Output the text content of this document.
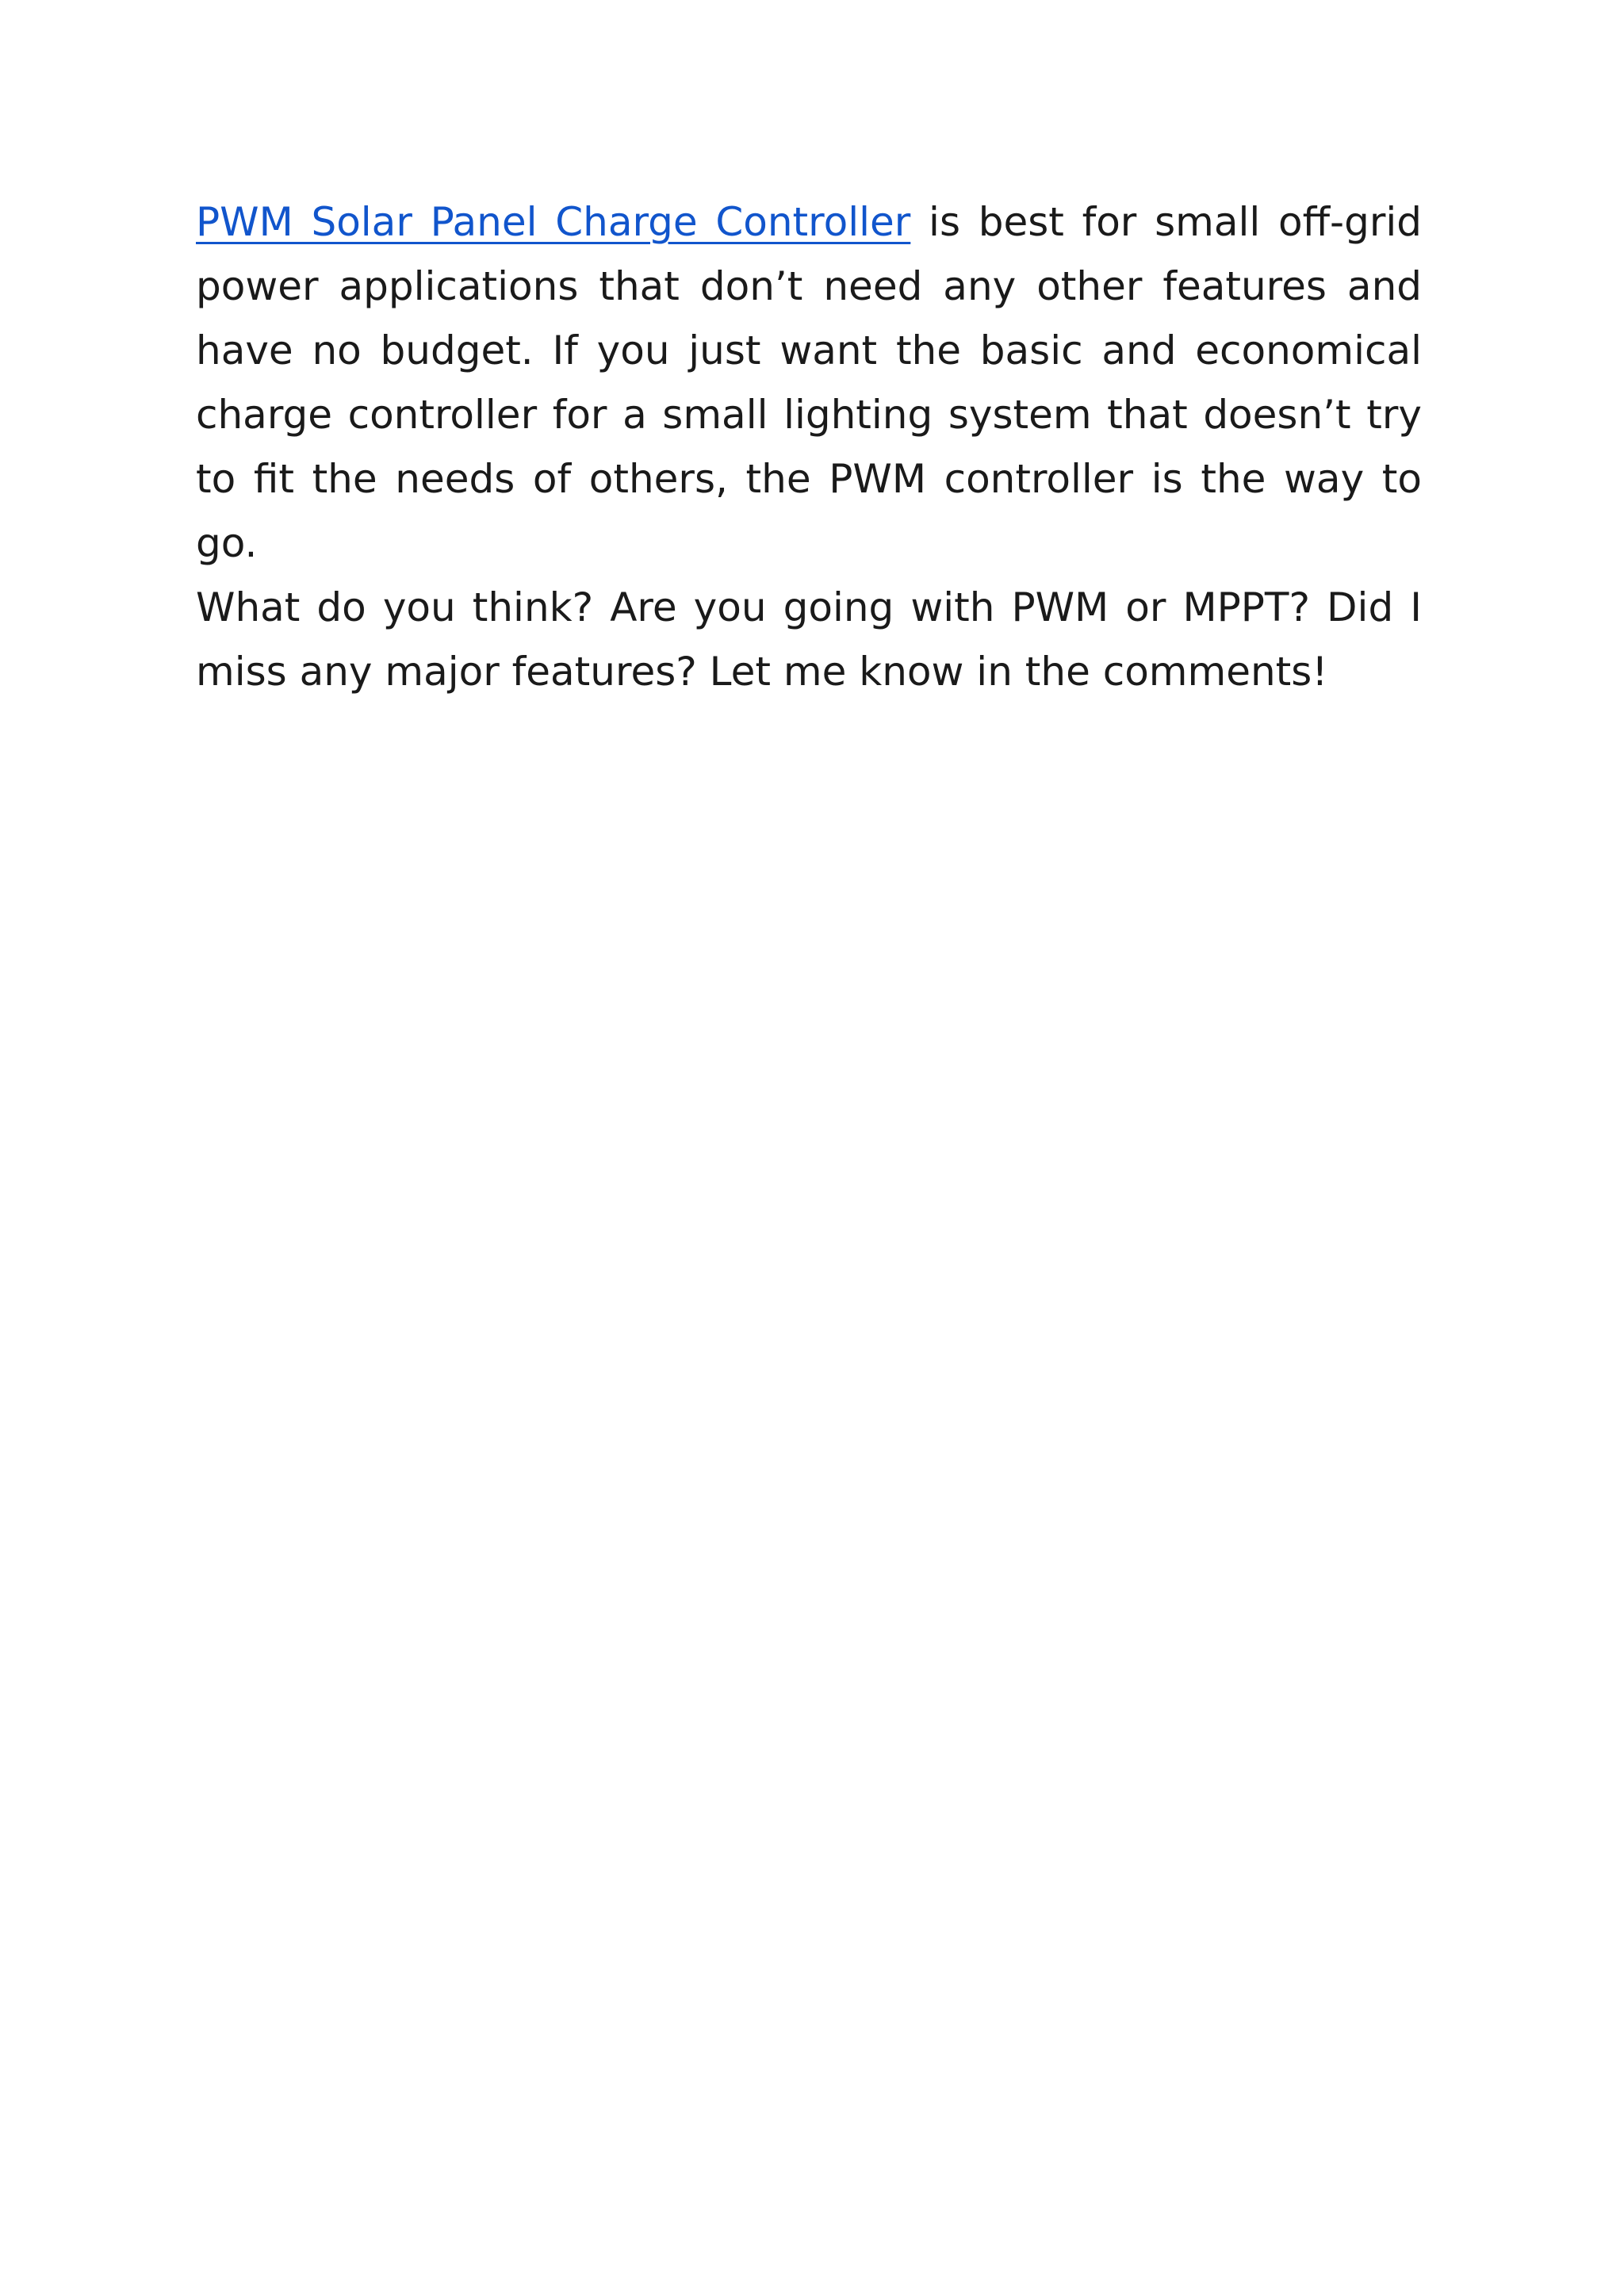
PWM Solar Panel Charge Controller is best for small off-grid power applications that don’t need any other features and have no budget. If you just want the basic and economical charge controller for a small lighting system that doesn’t try to fit the needs of others, the PWM controller is the way to go.

What do you think? Are you going with PWM or MPPT? Did I miss any major features? Let me know in the comments!
